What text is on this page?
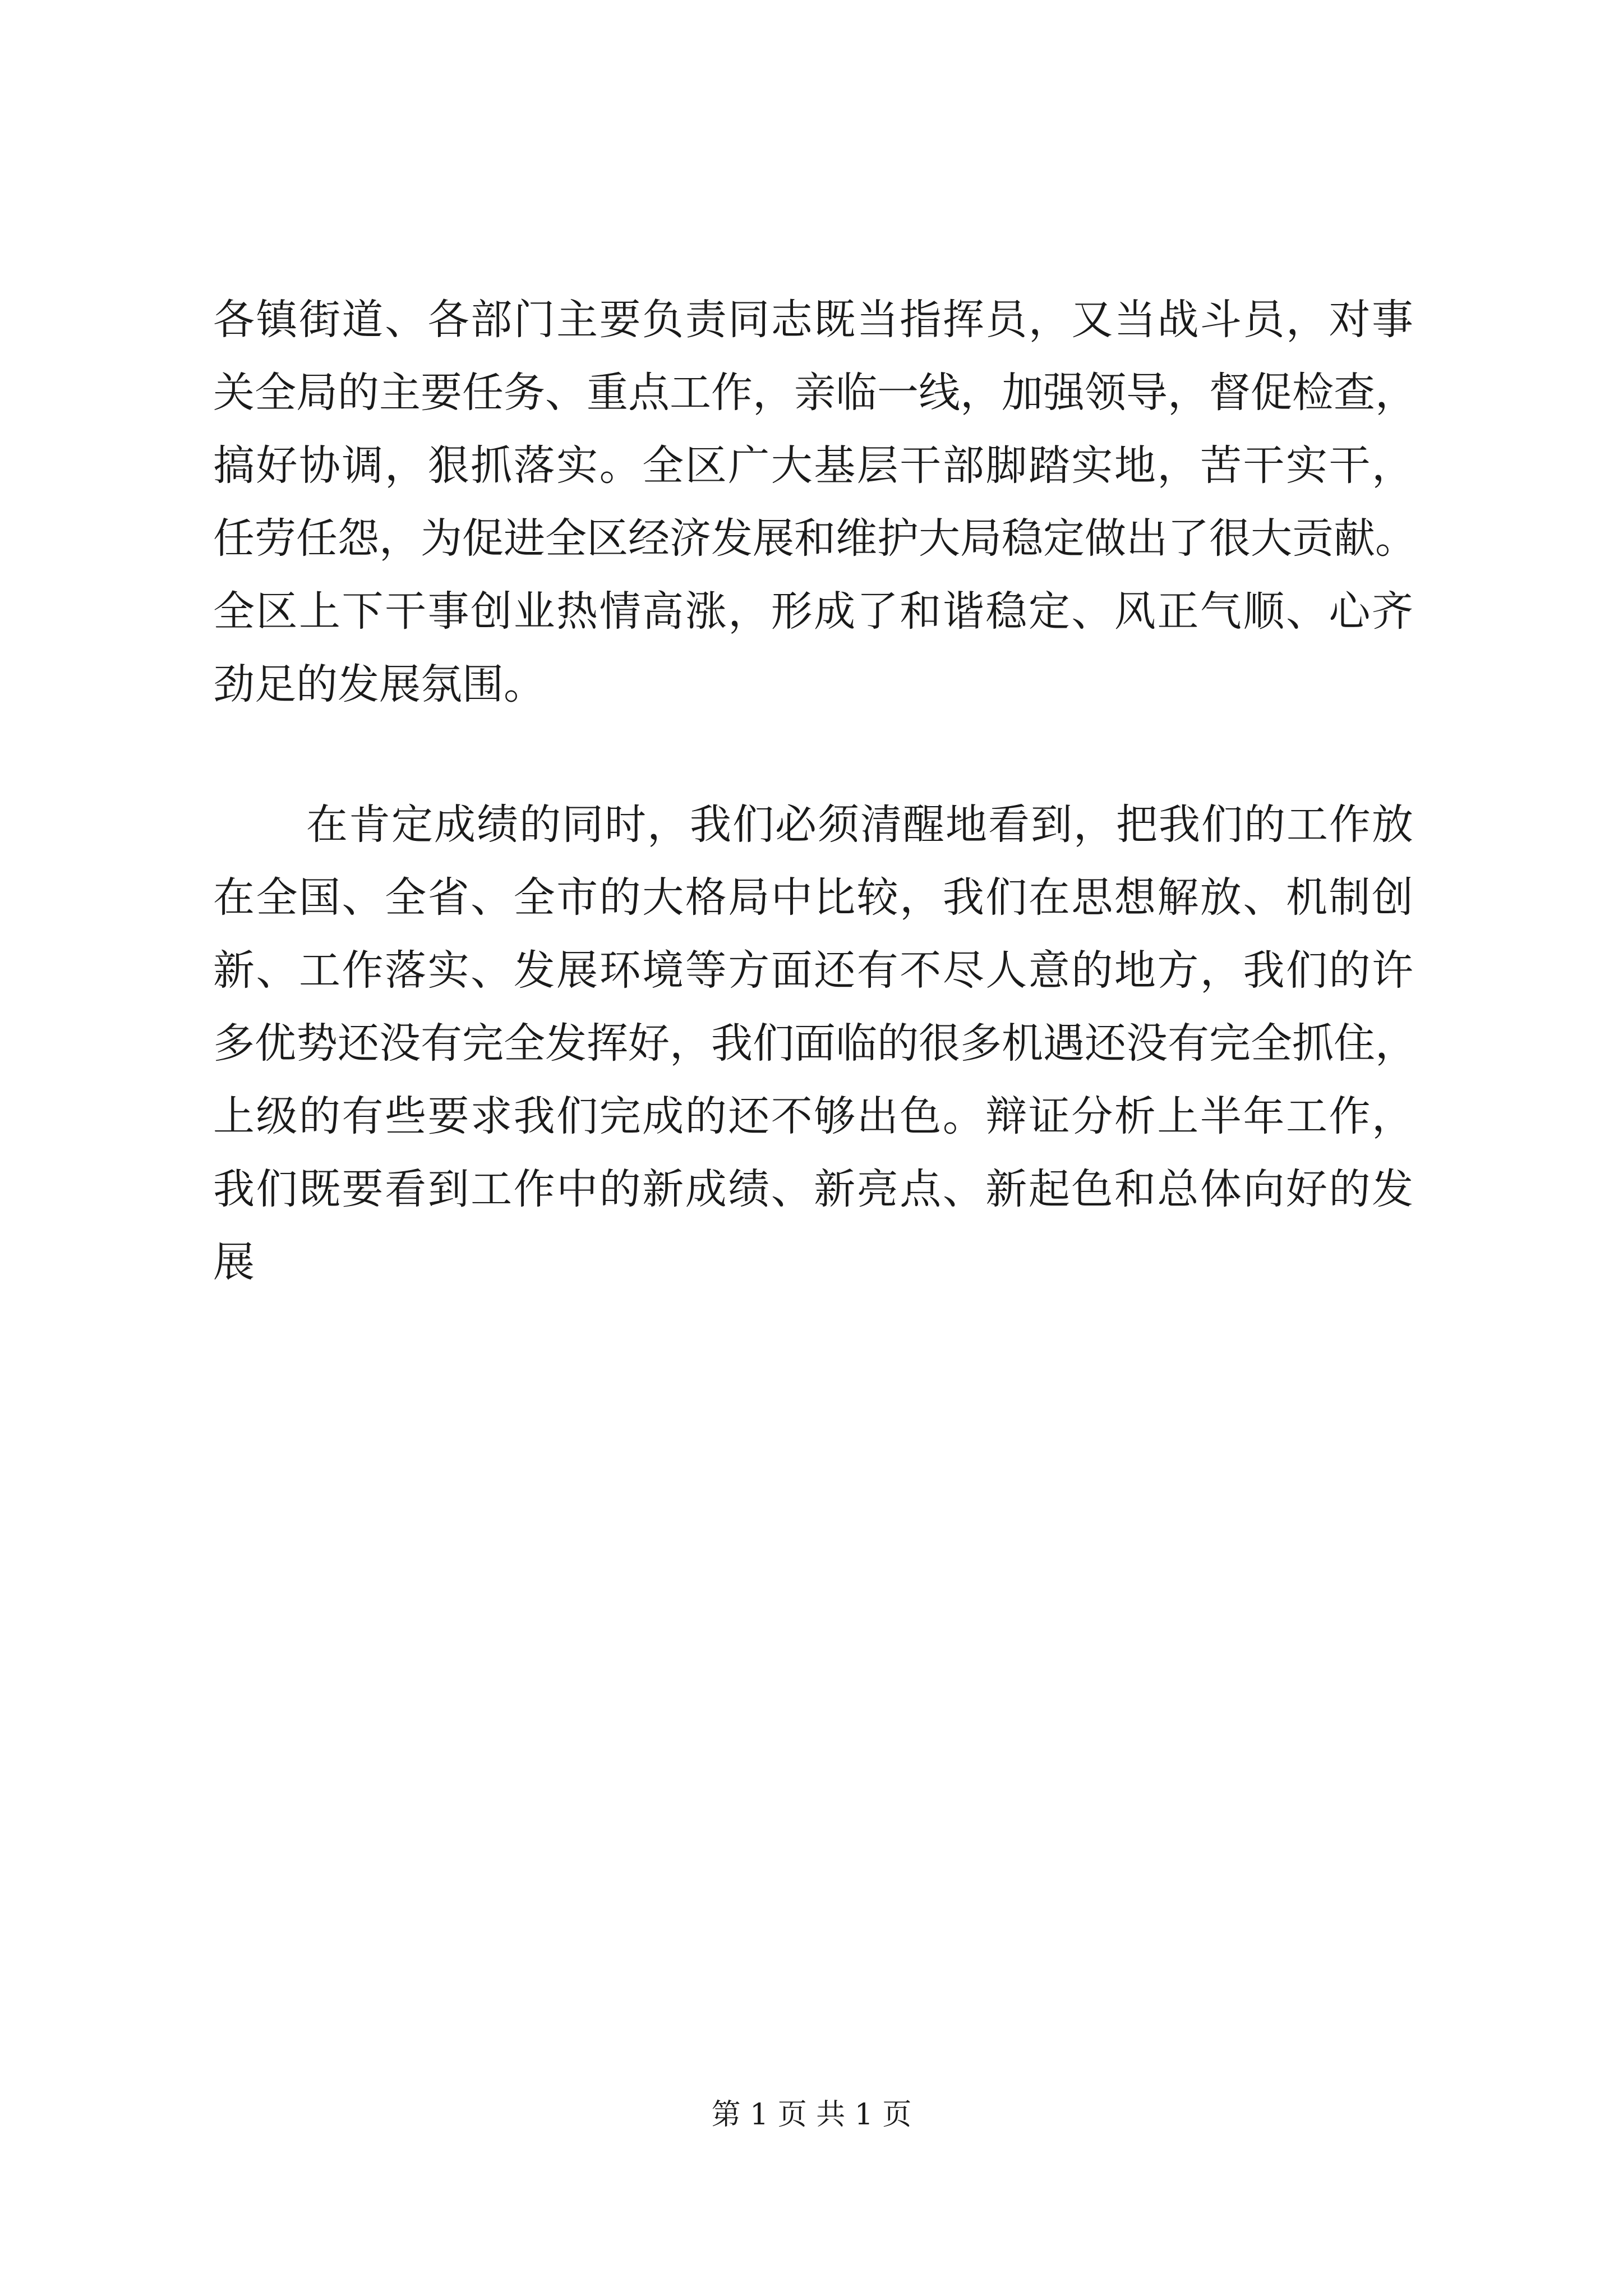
各镇街道、各部门主要负责同志既当指挥员，又当战斗员，对事
关全局的主要任务、重点工作，亲临一线，加强领导，督促检查，
搞好协调，狠抓落实。全区广大基层干部脚踏实地，苦干实干，
任劳任怨，为促进全区经济发展和维护大局稳定做出了很大贡献。
全区上下干事创业热情高涨，形成了和谐稳定、风正气顺、心齐
劲足的发展氛围。
在肯定成绩的同时，我们必须清醒地看到，把我们的工作放
在全国、全省、全市的大格局中比较，我们在思想解放、机制创
新、工作落实、发展环境等方面还有不尽人意的地方，我们的许
多优势还没有完全发挥好，我们面临的很多机遇还没有完全抓住，
上级的有些要求我们完成的还不够出色。辩证分析上半年工作，
我们既要看到工作中的新成绩、新亮点、新起色和总体向好的发
展
第 1 页 共 1 页
